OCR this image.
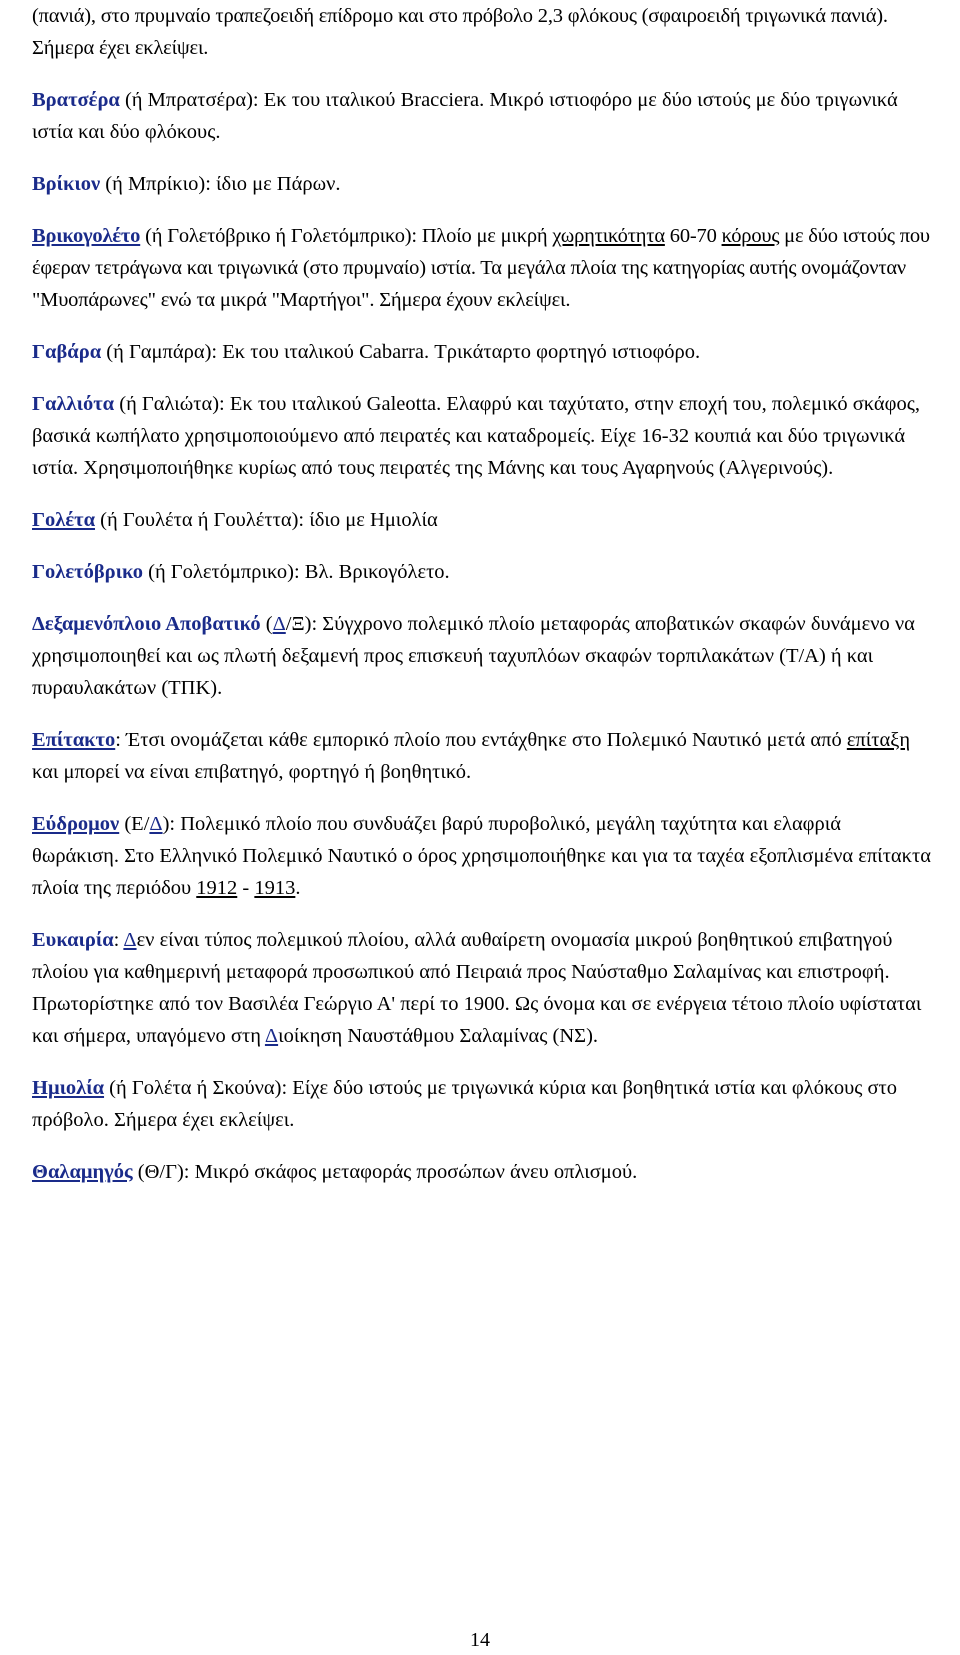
(πανιά), στο πρυμναίο τραπεζοειδή επίδρομο και στο πρόβολο 2,3 φλόκους (σφαιροειδή τριγωνικά πανιά). Σήμερα έχει εκλείψει.

Βρατσέρα (ή Μπρατσέρα): Εκ του ιταλικού Bracciera. Μικρό ιστιοφόρο με δύο ιστούς με δύο τριγωνικά ιστία και δύο φλόκους.

Βρίκιον (ή Μπρίκιο): ίδιο με Πάρων.

Βρικογολέτο (ή Γολετόβρικο ή Γολετόμπρικο): Πλοίο με μικρή χωρητικότητα 60-70 κόρους με δύο ιστούς που έφεραν τετράγωνα και τριγωνικά (στο πρυμναίο) ιστία. Τα μεγάλα πλοία της κατηγορίας αυτής ονομάζονταν "Μυοπάρωνες" ενώ τα μικρά "Μαρτήγοι". Σήμερα έχουν εκλείψει.

Γαβάρα (ή Γαμπάρα): Εκ του ιταλικού Cabarra. Τρικάταρτο φορτηγό ιστιοφόρο.

Γαλλιότα (ή Γαλιώτα): Εκ του ιταλικού Galeotta. Ελαφρύ και ταχύτατο, στην εποχή του, πολεμικό σκάφος, βασικά κωπήλατο χρησιμοποιούμενο από πειρατές και καταδρομείς. Είχε 16-32 κουπιά και δύο τριγωνικά ιστία. Χρησιμοποιήθηκε κυρίως από τους πειρατές της Μάνης και τους Αγαρηνούς (Αλγερινούς).

Γολέτα (ή Γουλέτα ή Γουλέττα): ίδιο με Ημιολία

Γολετόβρικο (ή Γολετόμπρικο): Βλ. Βρικογόλετο.

Δεξαμενόπλοιο Αποβατικό (Δ/Ξ): Σύγχρονο πολεμικό πλοίο μεταφοράς αποβατικών σκαφών δυνάμενο να χρησιμοποιηθεί και ως πλωτή δεξαμενή προς επισκευή ταχυπλόων σκαφών τορπιλακάτων (Τ/Α) ή και πυραυλακάτων (ΤΠΚ).

Επίτακτο: Έτσι ονομάζεται κάθε εμπορικό πλοίο που εντάχθηκε στο Πολεμικό Ναυτικό μετά από επίταξη και μπορεί να είναι επιβατηγό, φορτηγό ή βοηθητικό.

Εύδρομον (Ε/Δ): Πολεμικό πλοίο που συνδυάζει βαρύ πυροβολικό, μεγάλη ταχύτητα και ελαφριά θωράκιση. Στο Ελληνικό Πολεμικό Ναυτικό ο όρος χρησιμοποιήθηκε και για τα ταχέα εξοπλισμένα επίτακτα πλοία της περιόδου 1912 - 1913.

Ευκαιρία: Δεν είναι τύπος πολεμικού πλοίου, αλλά αυθαίρετη ονομασία μικρού βοηθητικού επιβατηγού πλοίου για καθημερινή μεταφορά προσωπικού από Πειραιά προς Ναύσταθμο Σαλαμίνας και επιστροφή. Πρωτορίστηκε από τον Βασιλέα Γεώργιο Α' περί το 1900. Ως όνομα και σε ενέργεια τέτοιο πλοίο υφίσταται και σήμερα, υπαγόμενο στη Διοίκηση Ναυστάθμου Σαλαμίνας (ΝΣ).

Ημιολία (ή Γολέτα ή Σκούνα): Είχε δύο ιστούς με τριγωνικά κύρια και βοηθητικά ιστία και φλόκους στο πρόβολο. Σήμερα έχει εκλείψει.

Θαλαμηγός (Θ/Γ): Μικρό σκάφος μεταφοράς προσώπων άνευ οπλισμού.

14
